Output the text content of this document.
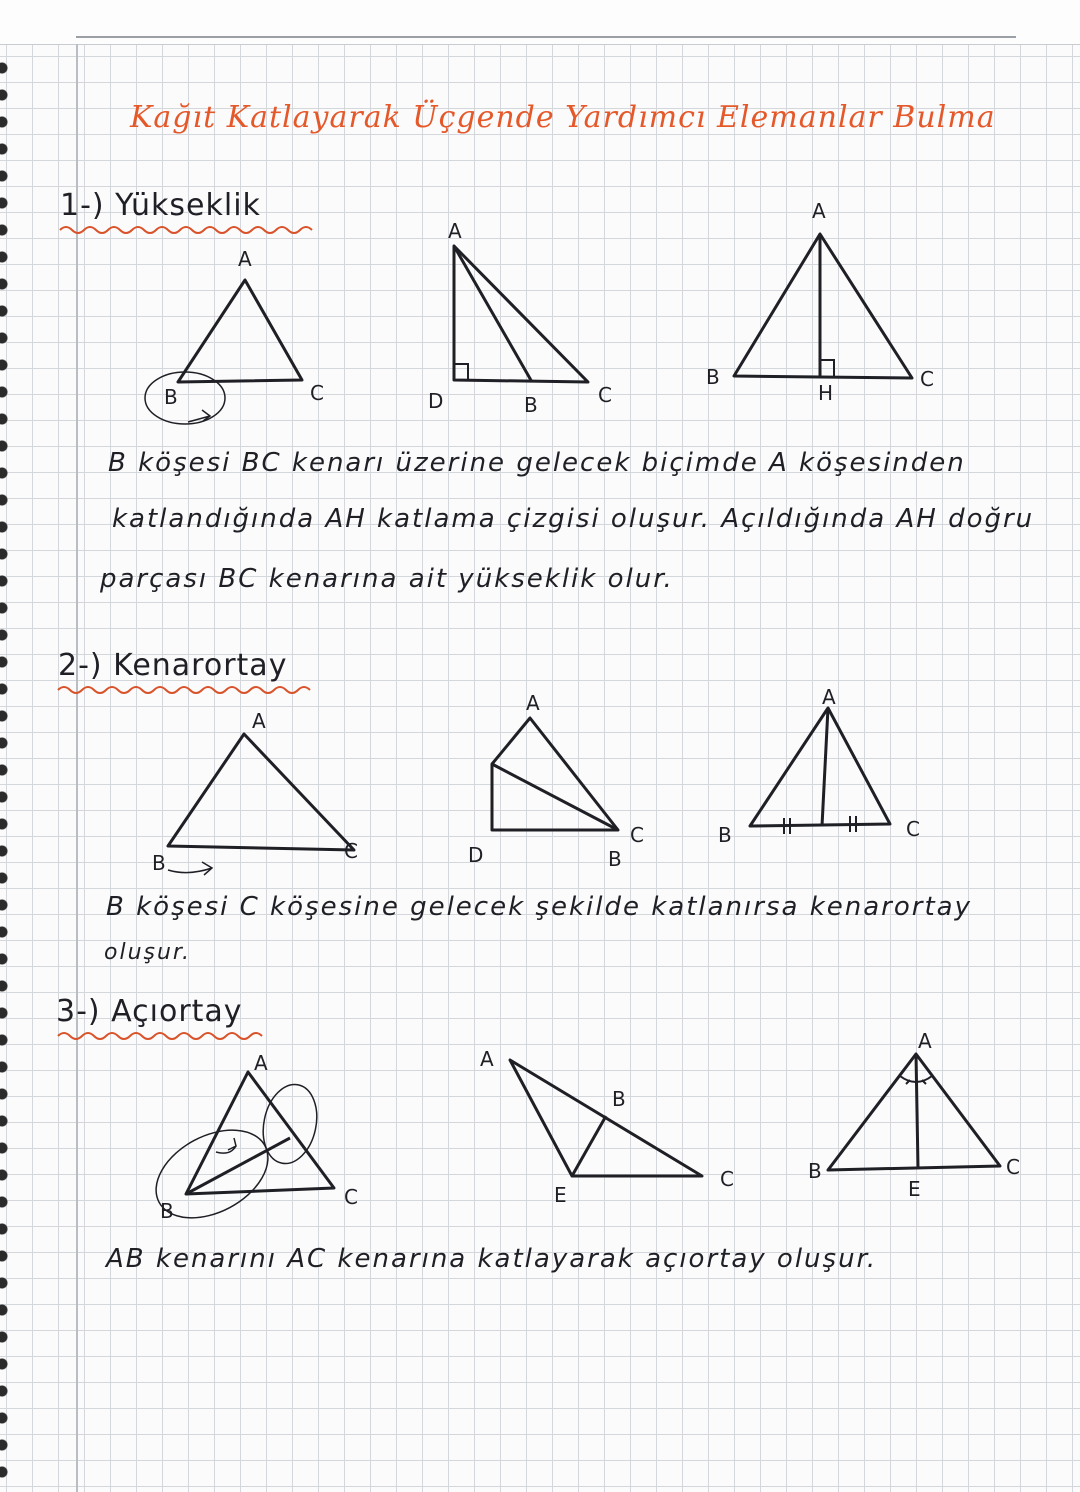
Kağıt Katlayarak Üçgende Yardımcı Elemanlar Bulma
1-) Yükseklik
A
B	C
A
D	B	C
A
B
H
C
B köşesi BC kenarı üzerine gelecek biçimde A köşesinden
katlandığında AH katlama çizgisi oluşur. Açıldığında AH doğru
parçası BC kenarına ait yükseklik olur.
2-) Kenarortay
A
B	C
A
D	B
C
A
B	C
B köşesi C köşesine gelecek şekilde katlanırsa kenarortay
oluşur.
3-) Açıortay
A
B
C
A
B
E
C
A
B
E
C
AB kenarını AC kenarına katlayarak açıortay oluşur.
